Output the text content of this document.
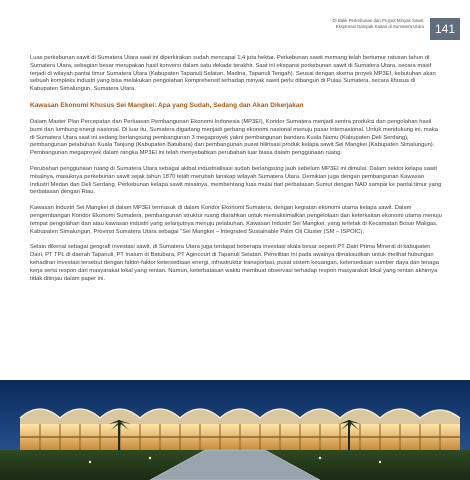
Di Balik Perkebunan dan Proyek Minyak Sawit:
Eksplorasi Dampak Kaitan di Sumatera Utara 141

Luas perkebunan sawit di Sumatera Utara saat ini diperkirakan sudah mencapai 1,4 juta hektar. Perkebunan sawit memang telah bertumur ratusan tahun di Sumatera Utara, sebagian besar merupakan hasil konversi dalam satu dekade terakhir. Saat ini ekspansi perkebunan sawit di Sumatera Utara, secara masif terjadi di wilayah pantai timur Sumatera Utara (Kabupaten Tapanuli Selatan, Madina, Tapanuli Tengah). Seusai dengan skema proyek MP3EI, kebutuhan akan sebuah kompleks industri yang bisa melakukan pengolahan komprehensif terhadap minyak sawit perlu dibangun di Pulau Sumatera, secara khusus di Kabupaten Simalungun, Sumatera Utara.

Kawasan Ekonomi Khusus Sei Mangkei: Apa yang Sudah, Sedang dan Akan Dikerjakan

Dalam Master Plan Percepatan dan Perluasan Pembangunan Ekonomi Indonesia (MP3EI), Koridor Sumatera menjadi sentra produksi dan pengolahan hasil bumi dan lumbung energi nasional. Di luar itu, Sumatera digadang menjadi gerbang ekonomi nasional menuju pasar internasional. Untuk mendukung ini, maka di Sumatera Utara saat ini sedang berlangsung pembangunan 3 megaproyek yakni pembangunan bandara Kuala Namu (Kabupaten Deli Serdang), pembangunan pelabuhan Kuala Tanjung (Kabupaten Batubara) dan pembangunan pusat hilirisasi produk kelapa sawit Sei Mangkei (Kabupaten Simalungun). Pembangunan megaproyek dalam rangka MP3EI ini telah menyebabkan perubahan luar biasa dalam penggunaan ruang.

Perubahan penggunaan ruang di Sumatera Utara sebagai akibat industrialisasi sudah berlangsung jauh sebelum MP3EI ini dimulai. Dalam sektor kelapa sawit misalnya, masuknya perkebunan sawit sejak tahun 1870 telah merubah lanskap wilayah Sumatera Utara. Demikian juga dengan pembangunan Kawasan Industri Medan dan Deli Serdang. Perkebunan kelapa sawit misalnya, membentang luas mulai dari perbatasan Sumut dengan NAD sampai ke pantai timur yang berbatasan dengan Riau.

Kawasan Industri Sei Mangkei di dalam MP3EI termasuk di dalam Koridor Ekonomi Sumatera, dengan kegiatan ekonomi utama kelapa sawit. Dalam pengembangan Koridor Ekonomi Sumatera, pembangunan struktur ruang diarahkan untuk memaksimalkan pengelolaan dan keterkaitan ekonomi utama menuju tempat pengolahan dan atau kawasan industri yang selanjutnya menuju pelabuhan. Kawasan Industri Sei Mangkei, yang terletak di Kecamatan Bosar Maligas, Kabupaten Simalungun, Provinsi Sumatera Utara sebagai "Sei Mangkei – Integrated Sustainable Palm Oil Cluster (SM – ISPOIC).

Selain dikenal sebagai geografi investasi sawit, di Sumatera Utara juga terdapat beberapa investasi skala besar seperti PT Dairi Prima Mineral di kabupaten Dairi, PT TPL di daerah Tapanuli, PT Inalum di Batubara, PT Agincourt di Tapanuli Selatan. Penelitian ini pada awalnya dimaksudkan untuk melihat hubungan kehadiran investasi tersebut dengan faktor-faktor ketersediaan energi, infrastruktur transportasi, pusat sistem keuangan, ketersediaan sumber daya dan tenaga kerja serta respon dari masyarakat lokal yang rentan. Namun, keterbatasan waktu membuat observasi terhadap respon masyarakat lokal yang rentan akhirnya tidak ditinjau dalam paper ini.
